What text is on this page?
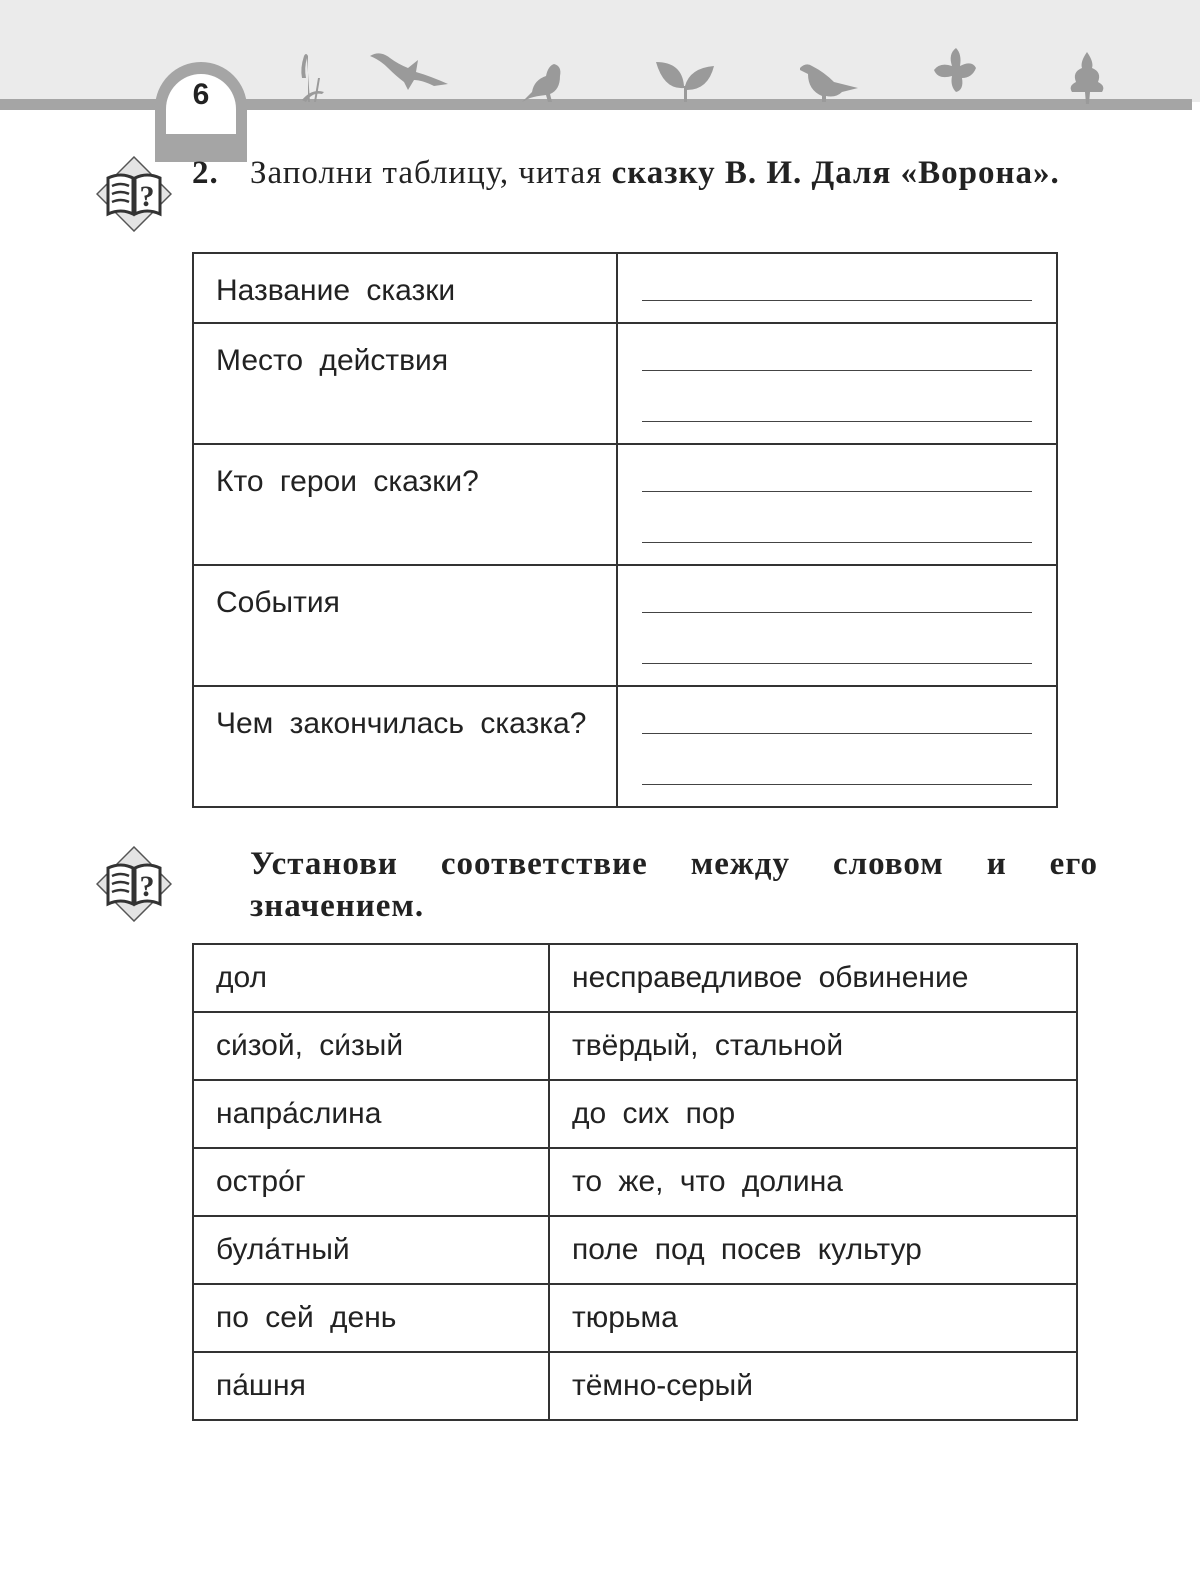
6
?
2. Заполни таблицу, читая сказку В. И. Даля «Ворона».
Название сказки	

Место действия	

Кто герои сказки?	

События	

Чем закончилась сказка?	
?
Установи соответствие между словом и его значением.
дол	несправедливое обвинение
си́зой, си́зый	твёрдый, стальной
напра́слина	до сих пор
остро́г	то же, что долина
була́тный	поле под посев культур
по сей день	тюрьма
па́шня	тёмно-серый
